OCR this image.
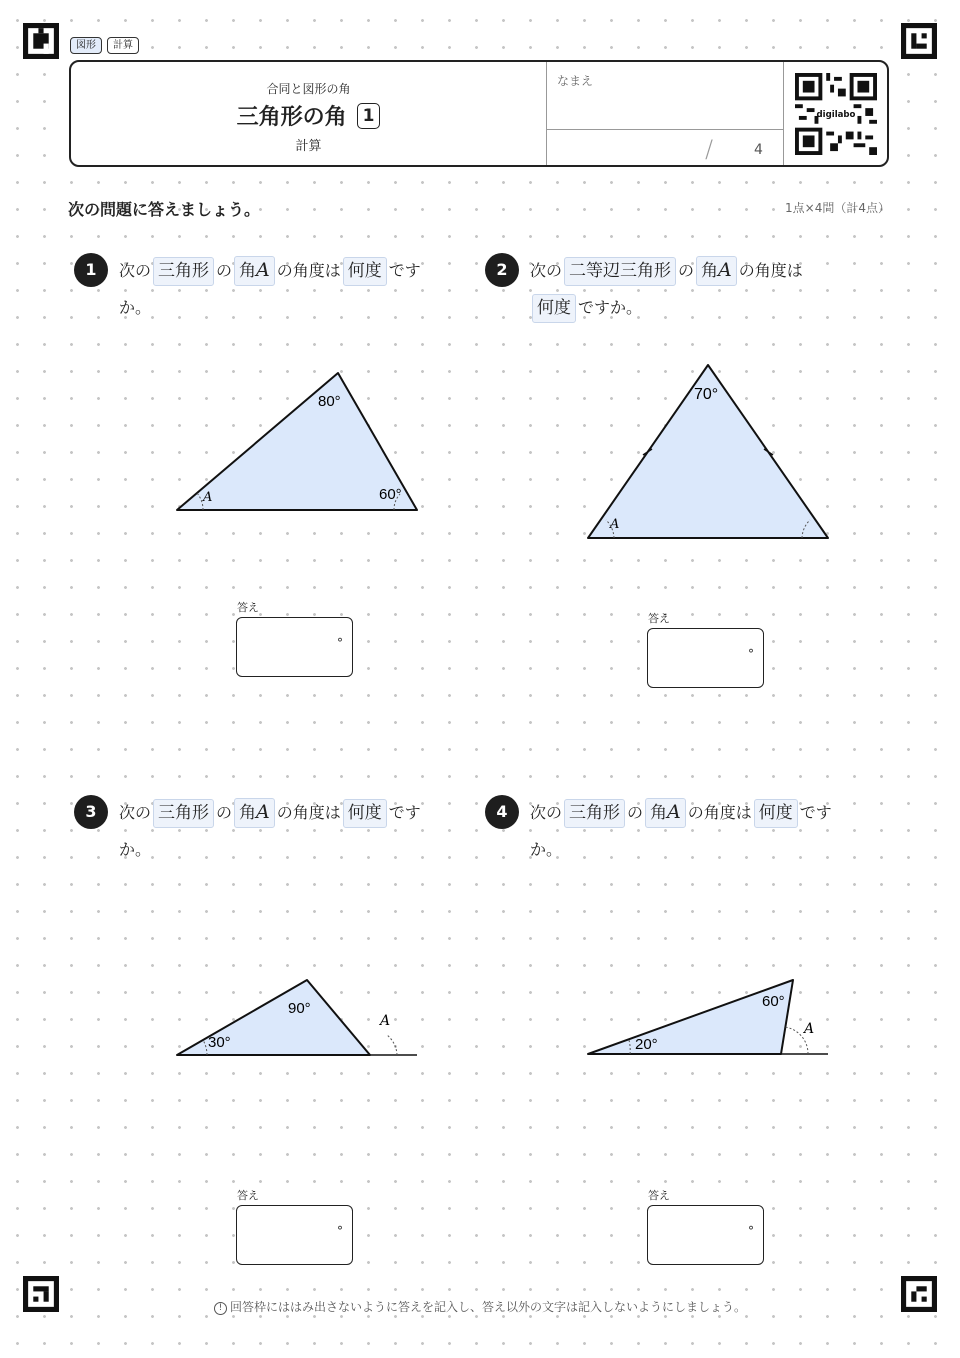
図形	計算
合同と図形の角
三角形の角 1
計算
なまえ
/	4
digilabo
次の問題に答えましょう。	1点×4問（計4点）
1	次の 三角形 の 角A の角度は 何度 です
か。
80°
60°
A
答え
°
2	次の 二等辺三角形 の 角A の角度は
何度 ですか。
70°
A
答え
°
3	次の 三角形 の 角A の角度は 何度 です
か。
90°
30°
A
答え
°
4	次の 三角形 の 角A の角度は 何度 です
か。
60°
20°
A
答え
°
! 回答枠にははみ出さないように答えを記入し、答え以外の文字は記入しないようにしましょう。
